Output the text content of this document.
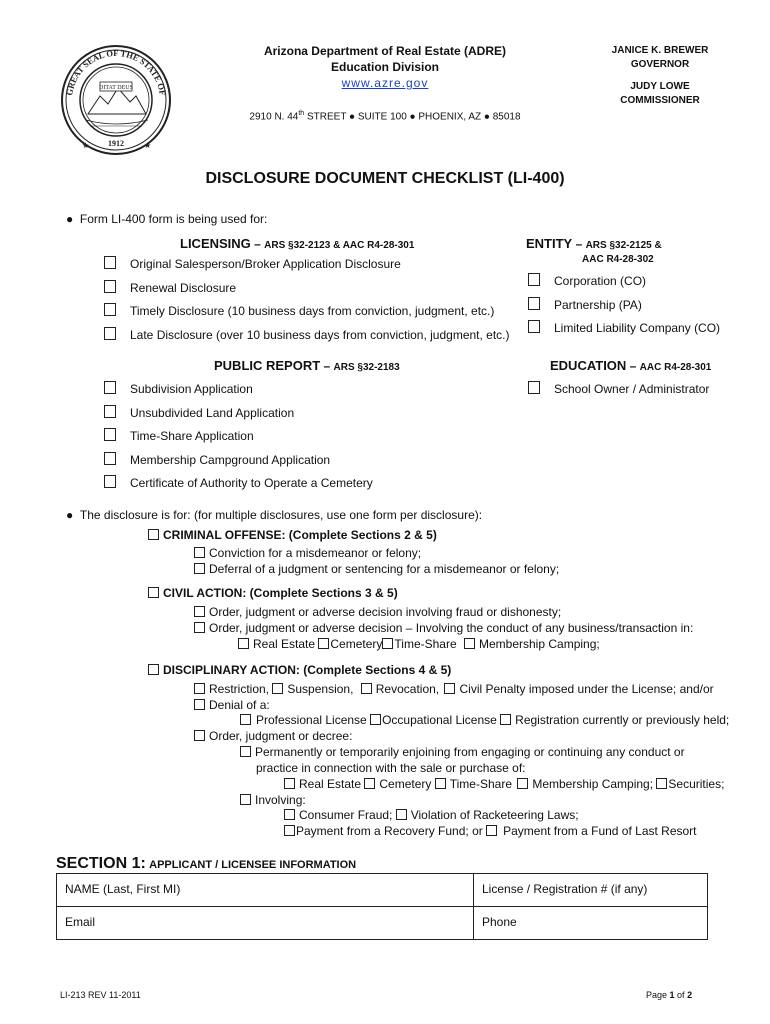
GREAT SEAL OF THE STATE OF
DITAT DEUS
1912
★	★
Arizona Department of Real Estate (ADRE)
Education Division
www.azre.gov
2910 N. 44th STREET ● SUITE 100 ● PHOENIX, AZ ● 85018
JANICE K. BREWER
GOVERNOR
JUDY LOWE
COMMISSIONER
DISCLOSURE DOCUMENT CHECKLIST (LI-400)
● Form LI-400 form is being used for:
LICENSING – ARS §32-2123 & AAC R4-28-301
Original Salesperson/Broker Application Disclosure
Renewal Disclosure
Timely Disclosure (10 business days from conviction, judgment, etc.)
Late Disclosure (over 10 business days from conviction, judgment, etc.)
ENTITY – ARS §32-2125 &
AAC R4-28-302
Corporation (CO)
Partnership (PA)
Limited Liability Company (CO)
PUBLIC REPORT – ARS §32-2183
Subdivision Application
Unsubdivided Land Application
Time-Share Application
Membership Campground Application
Certificate of Authority to Operate a Cemetery
EDUCATION – AAC R4-28-301
School Owner / Administrator
● The disclosure is for: (for multiple disclosures, use one form per disclosure):
CRIMINAL OFFENSE: (Complete Sections 2 & 5)
Conviction for a misdemeanor or felony;
Deferral of a judgment or sentencing for a misdemeanor or felony;
CIVIL ACTION: (Complete Sections 3 & 5)
Order, judgment or adverse decision involving fraud or dishonesty;
Order, judgment or adverse decision – Involving the conduct of any business/transaction in:
Real Estate Cemetery Time-Share Membership Camping;
DISCIPLINARY ACTION: (Complete Sections 4 & 5)
Restriction, Suspension, Revocation, Civil Penalty imposed under the License; and/or
Denial of a:
Professional License Occupational License Registration currently or previously held;
Order, judgment or decree:
Permanently or temporarily enjoining from engaging or continuing any conduct or
practice in connection with the sale or purchase of:
Real Estate Cemetery Time-Share Membership Camping; Securities;
Involving:
Consumer Fraud; Violation of Racketeering Laws;
Payment from a Recovery Fund; or Payment from a Fund of Last Resort
SECTION 1: APPLICANT / LICENSEE INFORMATION
NAME (Last, First MI)	License / Registration # (if any)
Email	Phone
LI-213 REV 11-2011	Page 1 of 2
